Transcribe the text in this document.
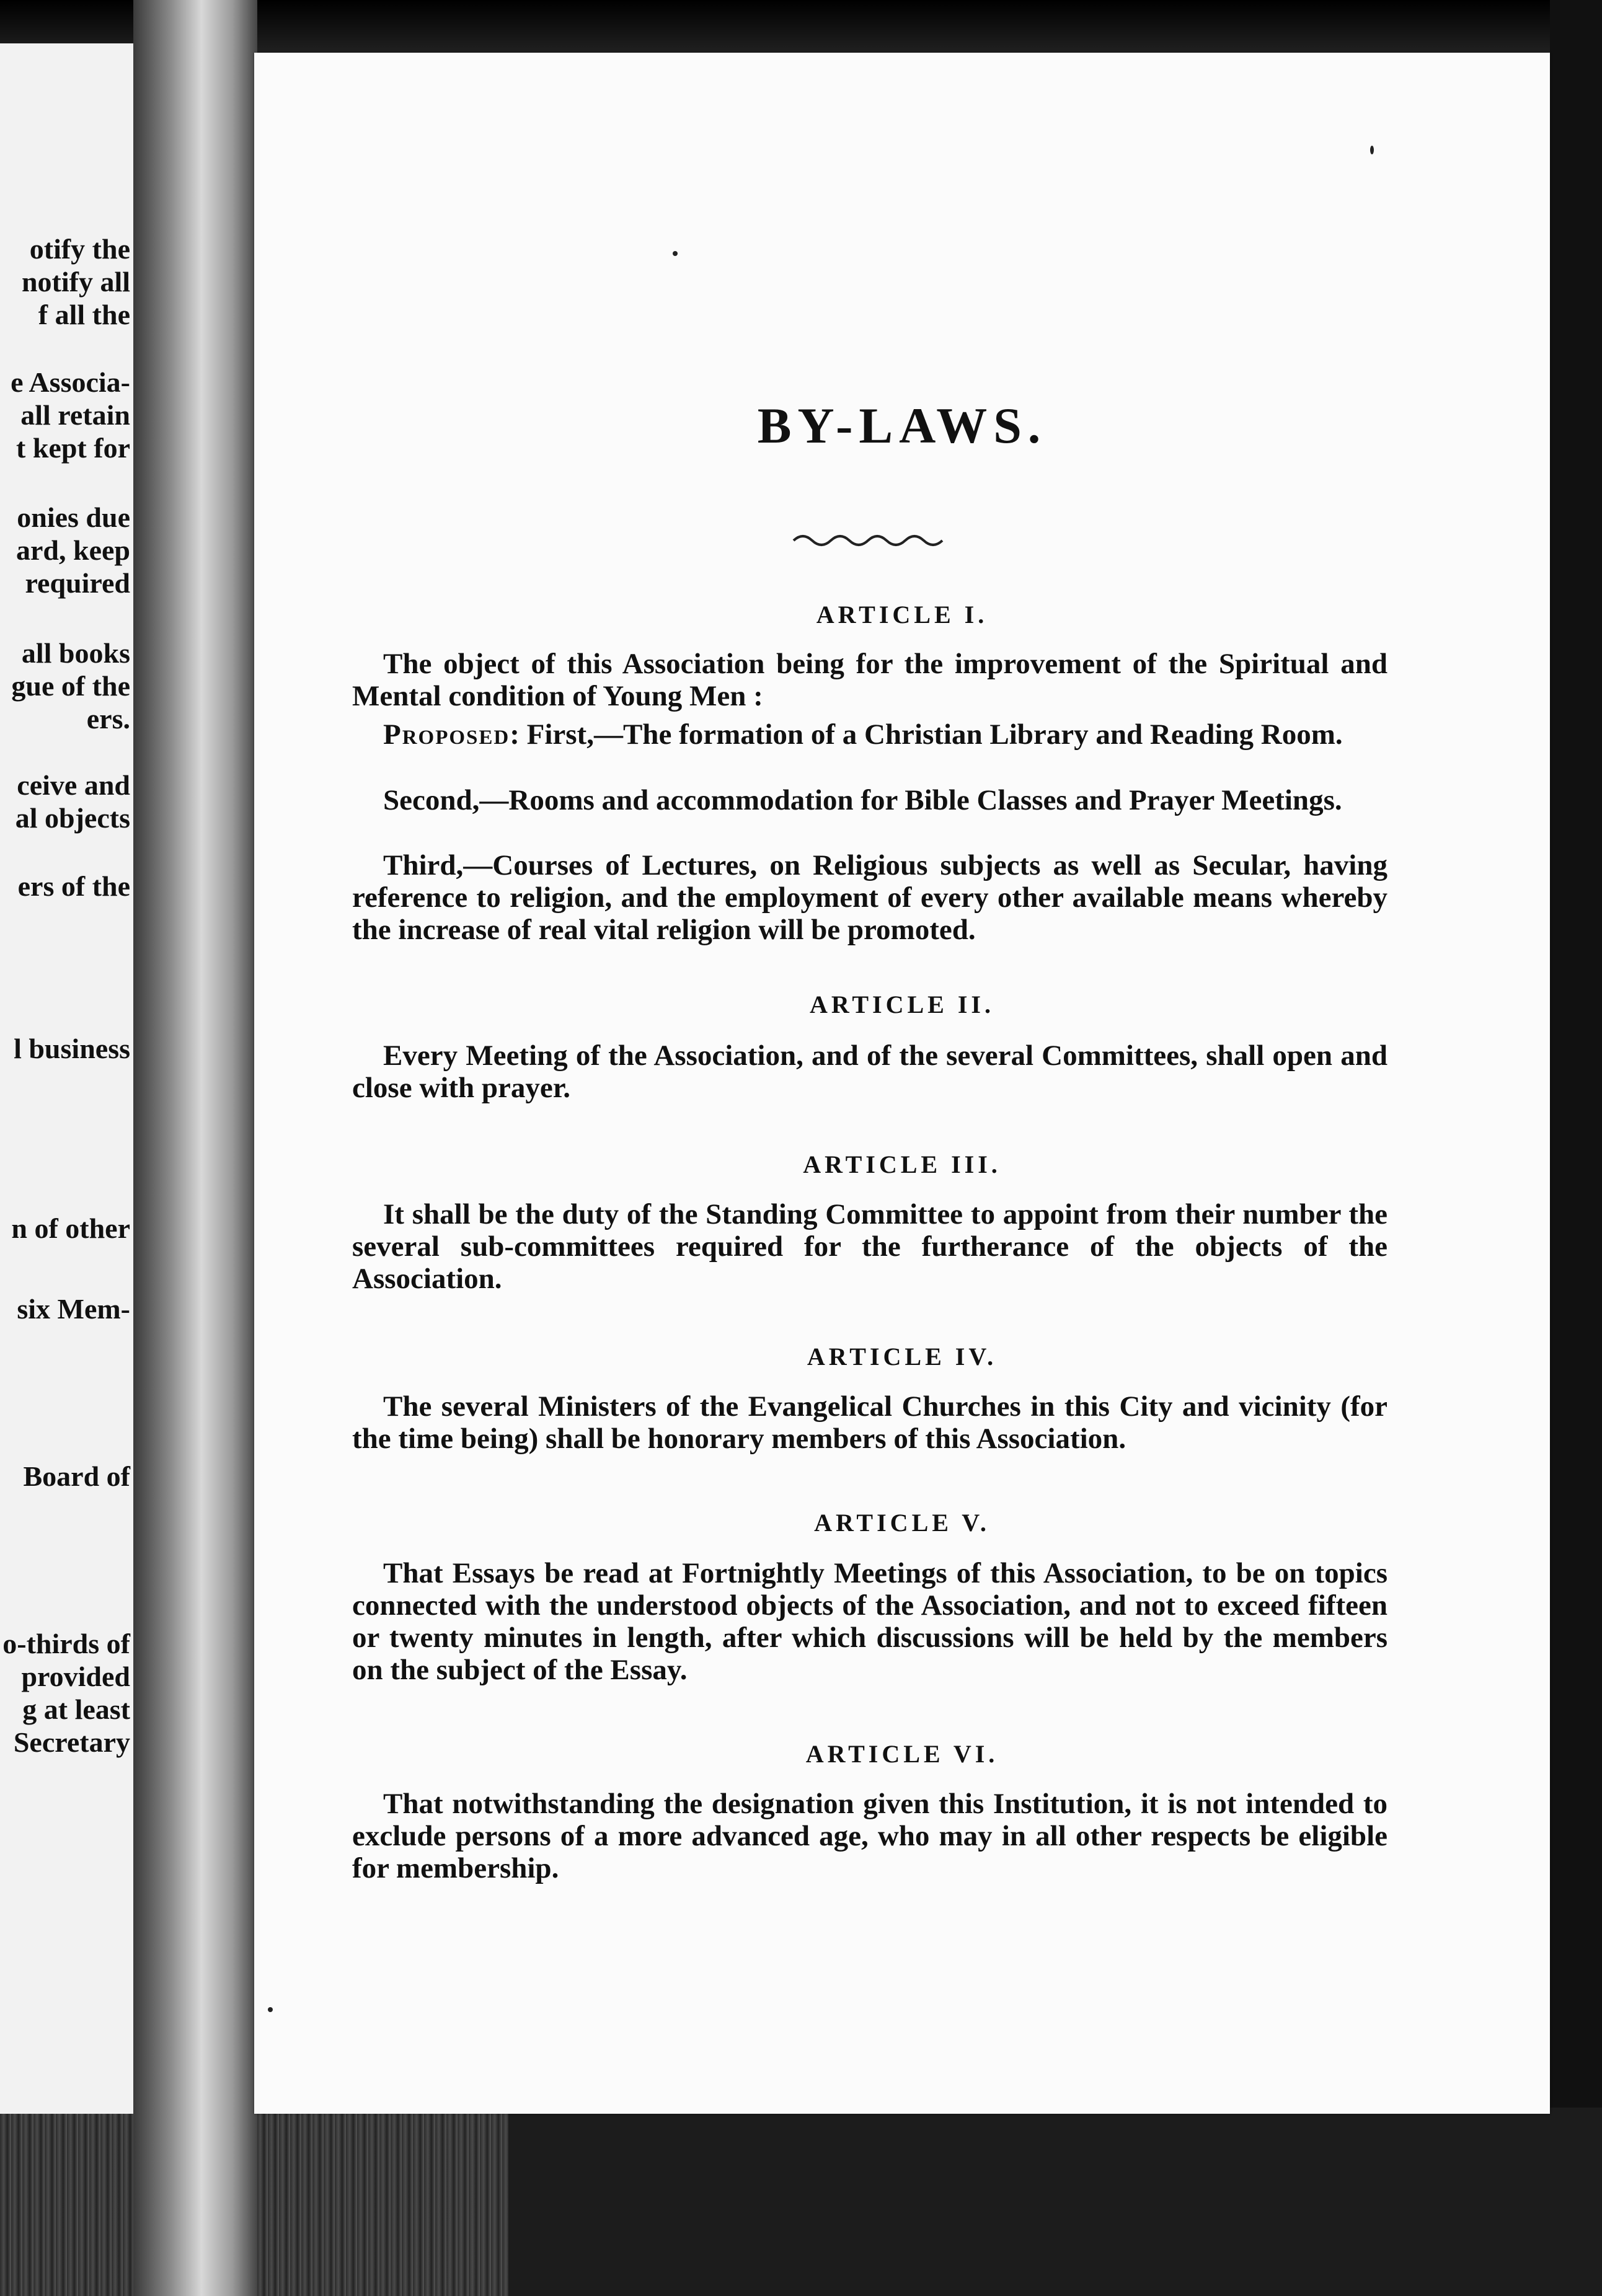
otify the
notify all
f all the
e Associa-
all retain
t kept for
onies due
ard, keep
required
all books
gue of the
ers.
ceive and
al objects
ers of the
l business
n of other
six Mem-
Board of
o-thirds of
provided
g at least
Secretary
BY-LAWS.
ARTICLE I.
The object of this Association being for the improvement of the Spiritual and Mental condition of Young Men :
Proposed: First,—The formation of a Christian Library and Reading Room.
Second,—Rooms and accommodation for Bible Classes and Prayer Meetings.
Third,—Courses of Lectures, on Religious subjects as well as Secular, having reference to religion, and the employment of every other available means whereby the increase of real vital religion will be promoted.
ARTICLE II.
Every Meeting of the Association, and of the several Committees, shall open and close with prayer.
ARTICLE III.
It shall be the duty of the Standing Committee to appoint from their number the several sub-committees required for the furtherance of the objects of the Association.
ARTICLE IV.
The several Ministers of the Evangelical Churches in this City and vicinity (for the time being) shall be honorary members of this Association.
ARTICLE V.
That Essays be read at Fortnightly Meetings of this Association, to be on topics connected with the understood objects of the Association, and not to exceed fifteen or twenty minutes in length, after which discussions will be held by the members on the subject of the Essay.
ARTICLE VI.
That notwithstanding the designation given this Institution, it is not intended to exclude persons of a more advanced age, who may in all other respects be eligible for membership.
